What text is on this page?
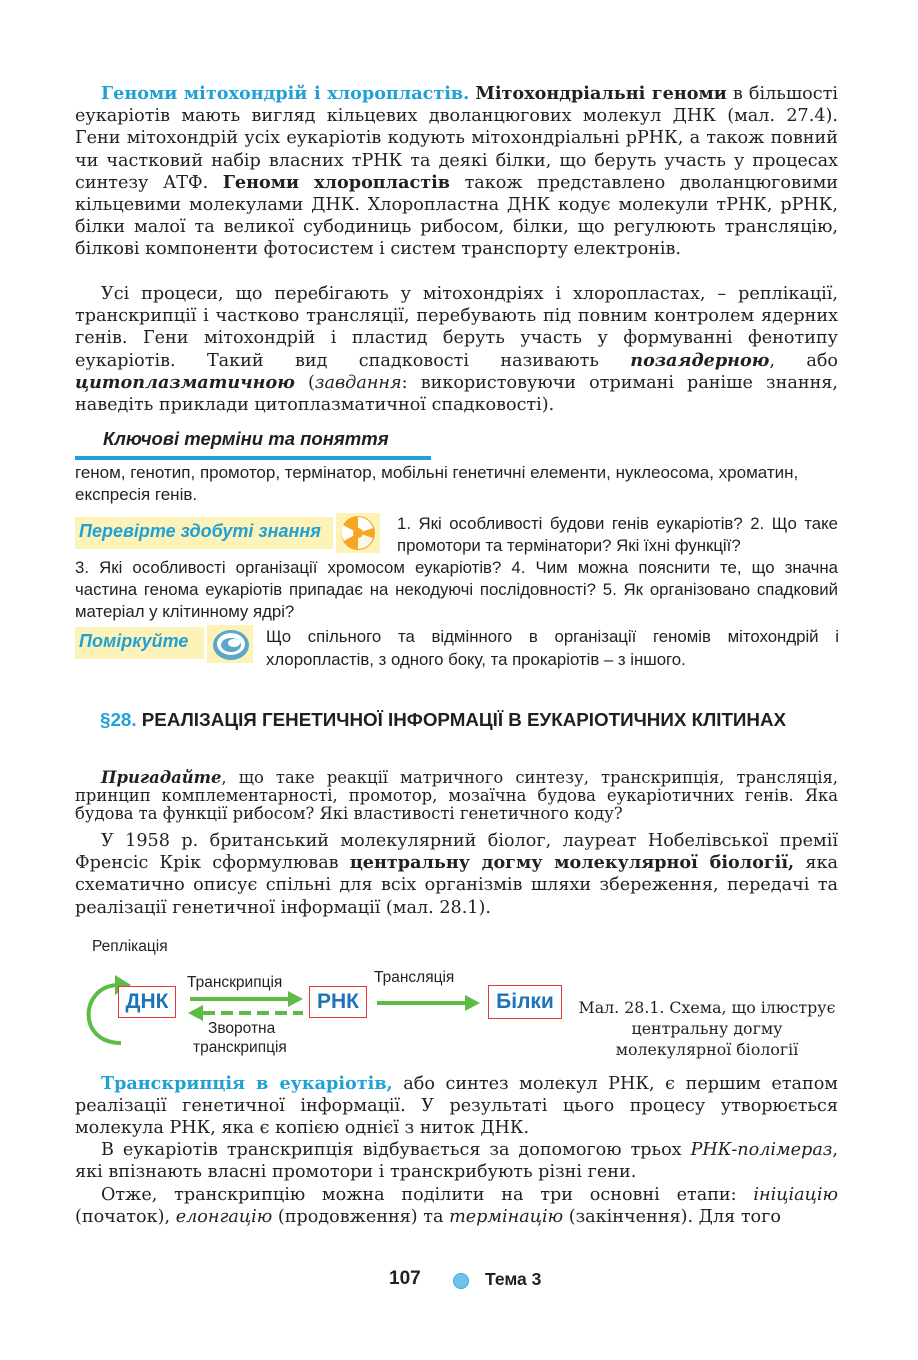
Геноми мітохондрій і хлоропластів. Мітохондріальні геноми в більшості еукаріотів мають вигляд кільцевих дволанцюгових молекул ДНК (мал. 27.4). Гени мітохондрій усіх еукаріотів кодують мітохондріальні рРНК, а також повний чи частковий набір власних тРНК та деякі білки, що беруть участь у процесах синтезу АТФ. Геноми хлоропластів також представлено дволанцюговими кільцевими молекулами ДНК. Хлоропластна ДНК кодує молекули тРНК, рРНК, білки малої та великої субодиниць рибосом, білки, що регулюють трансляцію, білкові компоненти фотосистем і систем транспорту електронів.
Усі процеси, що перебігають у мітохондріях і хлоропластах, – реплікації, транскрипції і частково трансляції, перебувають під повним контролем ядерних генів. Гени мітохондрій і пластид беруть участь у формуванні фенотипу еукаріотів. Такий вид спадковості називають позаядерною, або цитоплазматичною (завдання: використовуючи отримані раніше знання, наведіть приклади цитоплазматичної спадковості).
Ключові терміни та поняття
геном, генотип, промотор, термінатор, мобільні генетичні елементи, нуклеосома, хроматин, експресія генів.
Перевірте здобуті знання	1. Які особливості будови генів еукаріотів? 2. Що таке промотори та термінатори? Які їхні функції?
3. Які особливості організації хромосом еукаріотів? 4. Чим можна пояснити те, що значна частина генома еукаріотів припадає на некодуючі послідовності? 5. Як організовано спадковий матеріал у клітинному ядрі?
Поміркуйте	Що спільного та відмінного в організації геномів мітохондрій і хлоропластів, з одного боку, та прокаріотів – з іншого.
§28. РЕАЛІЗАЦІЯ ГЕНЕТИЧНОЇ ІНФОРМАЦІЇ В ЕУКАРІОТИЧНИХ КЛІТИНАХ
Пригадайте, що таке реакції матричного синтезу, транскрипція, трансляція, принцип комплементарності, промотор, мозаїчна будова еукаріотичних генів. Яка будова та функції рибосом? Які властивості генетичного коду?
У 1958 р. британський молекулярний біолог, лауреат Нобелівської премії Френсіс Крік сформулював центральну догму молекулярної біології, яка схематично описує спільні для всіх організмів шляхи збереження, передачі та реалізації генетичної інформації (мал. 28.1).
Реплікація
ДНК
Транскрипція
РНК
Трансляція
Білки
Зворотна
транскрипція
Мал. 28.1. Схема, що ілюструє центральну догму молекулярної біології
Транскрипція в еукаріотів, або синтез молекул РНК, є першим етапом реалізації генетичної інформації. У результаті цього процесу утворюється молекула РНК, яка є копією однієї з ниток ДНК.
В еукаріотів транскрипція відбувається за допомогою трьох РНК-полімераз, які впізнають власні промотори і транскрибують різні гени.
Отже, транскрипцію можна поділити на три основні етапи: ініціацію (початок), елонгацію (продовження) та термінацію (закінчення). Для того
107	Тема 3
